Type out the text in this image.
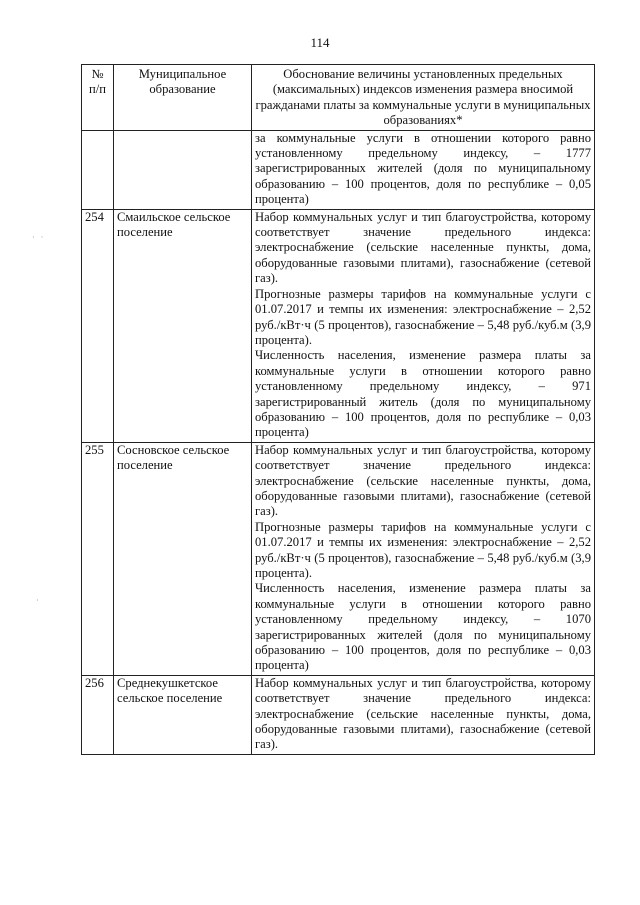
114
№ п/п	Муниципальное образование	Обоснование величины установленных предельных (максимальных) индексов изменения размера вносимой гражданами платы за коммунальные услуги в муниципальных образованиях*

		за коммунальные услуги в отношении которого равно установленному предельному индексу, – 1777 зарегистрированных жителей (доля по муниципальному образованию – 100 процентов, доля по республике – 0,05 процента)

254	Смаильское сельское поселение	Набор коммунальных услуг и тип благоустройства, которому соответствует значение предельного индекса: электроснабжение (сельские населенные пункты, дома, оборудованные газовыми плитами), газоснабжение (сетевой газ).

Прогнозные размеры тарифов на коммунальные услуги с 01.07.2017 и темпы их изменения: электроснабжение – 2,52 руб./кВт·ч (5 процентов), газоснабжение – 5,48 руб./куб.м (3,9 процента).

Численность населения, изменение размера платы за коммунальные услуги в отношении которого равно установленному предельному индексу, – 971 зарегистрированный житель (доля по муниципальному образованию – 100 процентов, доля по республике – 0,03 процента)

255	Сосновское сельское поселение	Набор коммунальных услуг и тип благоустройства, которому соответствует значение предельного индекса: электроснабжение (сельские населенные пункты, дома, оборудованные газовыми плитами), газоснабжение (сетевой газ).

Прогнозные размеры тарифов на коммунальные услуги с 01.07.2017 и темпы их изменения: электроснабжение – 2,52 руб./кВт·ч (5 процентов), газоснабжение – 5,48 руб./куб.м (3,9 процента).

Численность населения, изменение размера платы за коммунальные услуги в отношении которого равно установленному предельному индексу, – 1070 зарегистрированных жителей (доля по муниципальному образованию – 100 процентов, доля по республике – 0,03 процента)

256	Среднекушкетское сельское поселение	Набор коммунальных услуг и тип благоустройства, которому соответствует значение предельного индекса: электроснабжение (сельские населенные пункты, дома, оборудованные газовыми плитами), газоснабжение (сетевой газ).

· ·
·
